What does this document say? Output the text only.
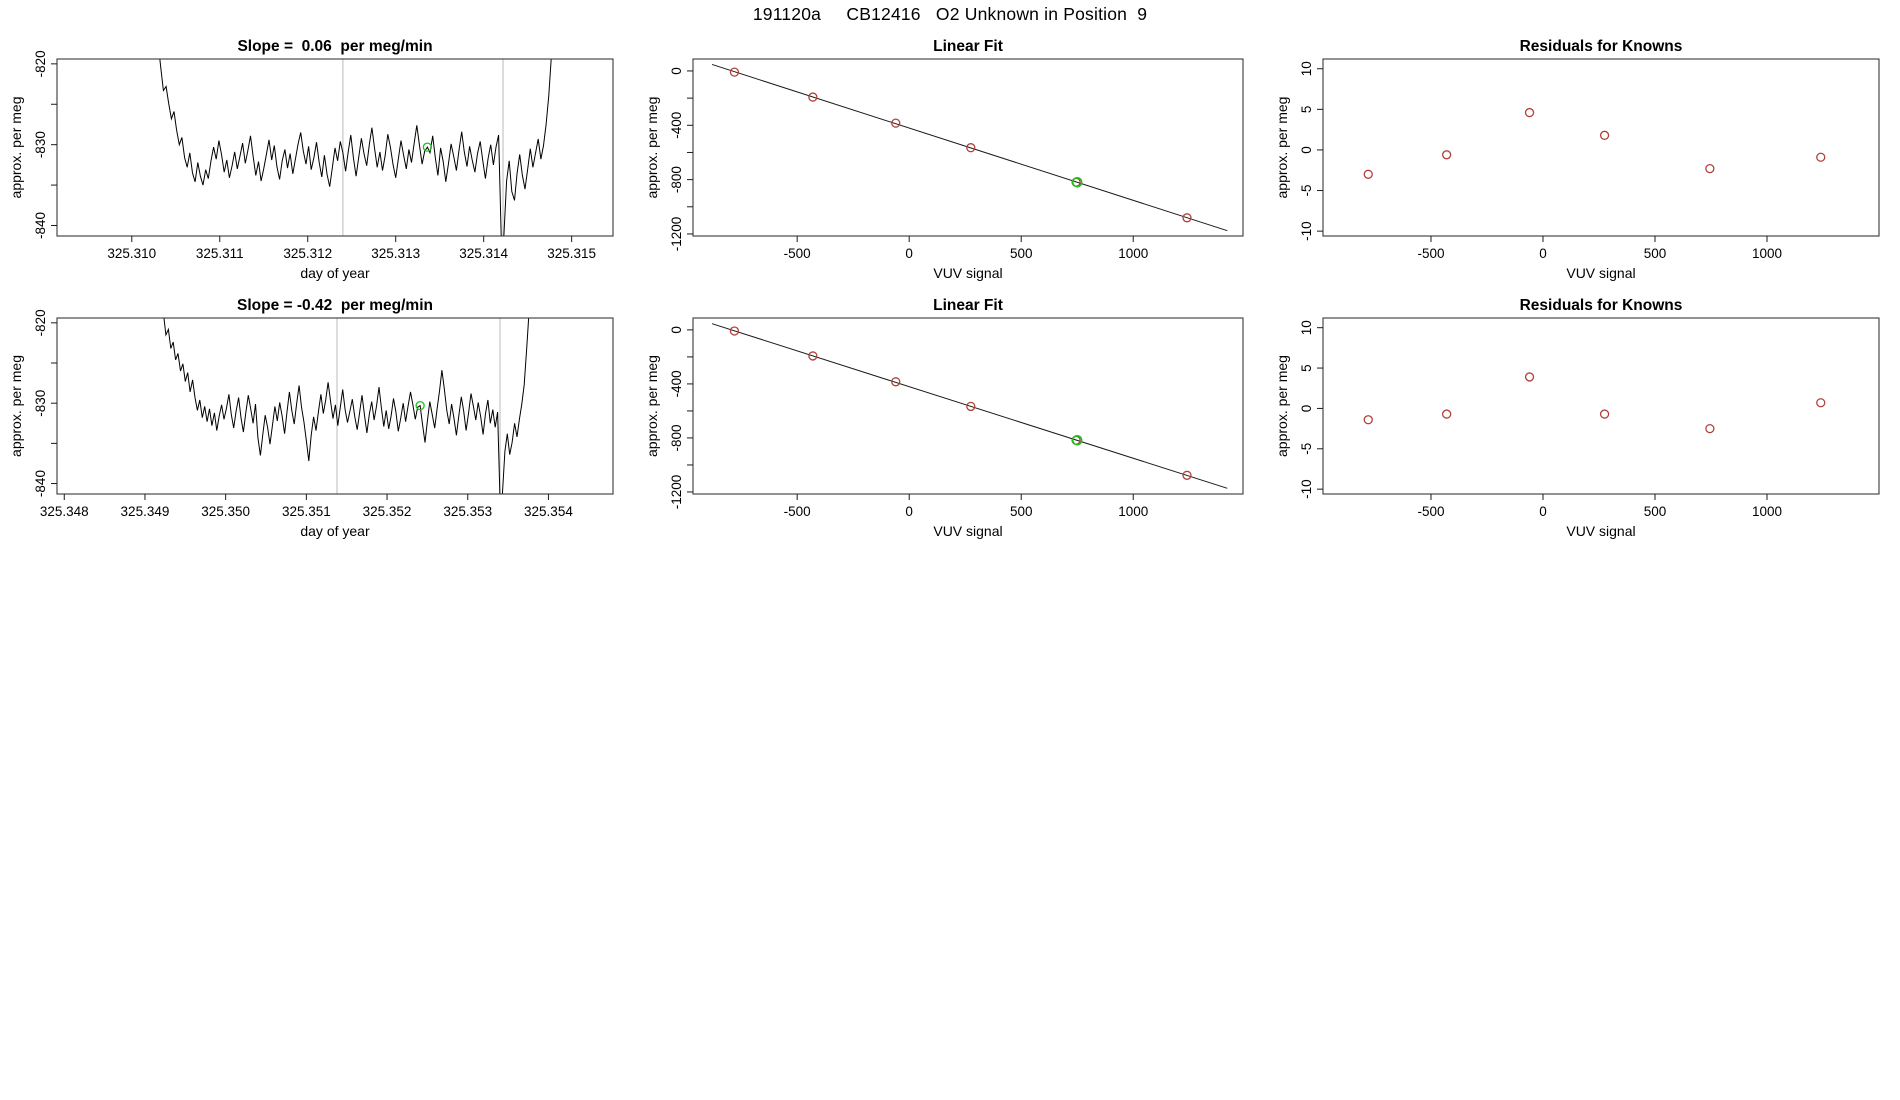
191120a     CB12416   O2 Unknown in Position  9
325.310	325.311	325.312	325.313	325.314	325.315
-820
-830
-840
Slope =  0.06  per meg/min
day of year
approx. per meg
-500	0	500	1000
0
-400
-800
-1200
Linear Fit
VUV signal
approx. per meg
-500	0	500	1000
-10
-5
0
5
10
Residuals for Knowns
VUV signal
approx. per meg
325.348 325.349 325.350 325.351 325.352 325.353 325.354
-820
-830
-840
Slope = -0.42  per meg/min
day of year
approx. per meg
-500	0	500	1000
0
-400
-800
-1200
Linear Fit
VUV signal
approx. per meg
-500	0	500	1000
-10
-5
0
5
10
Residuals for Knowns
VUV signal
approx. per meg
